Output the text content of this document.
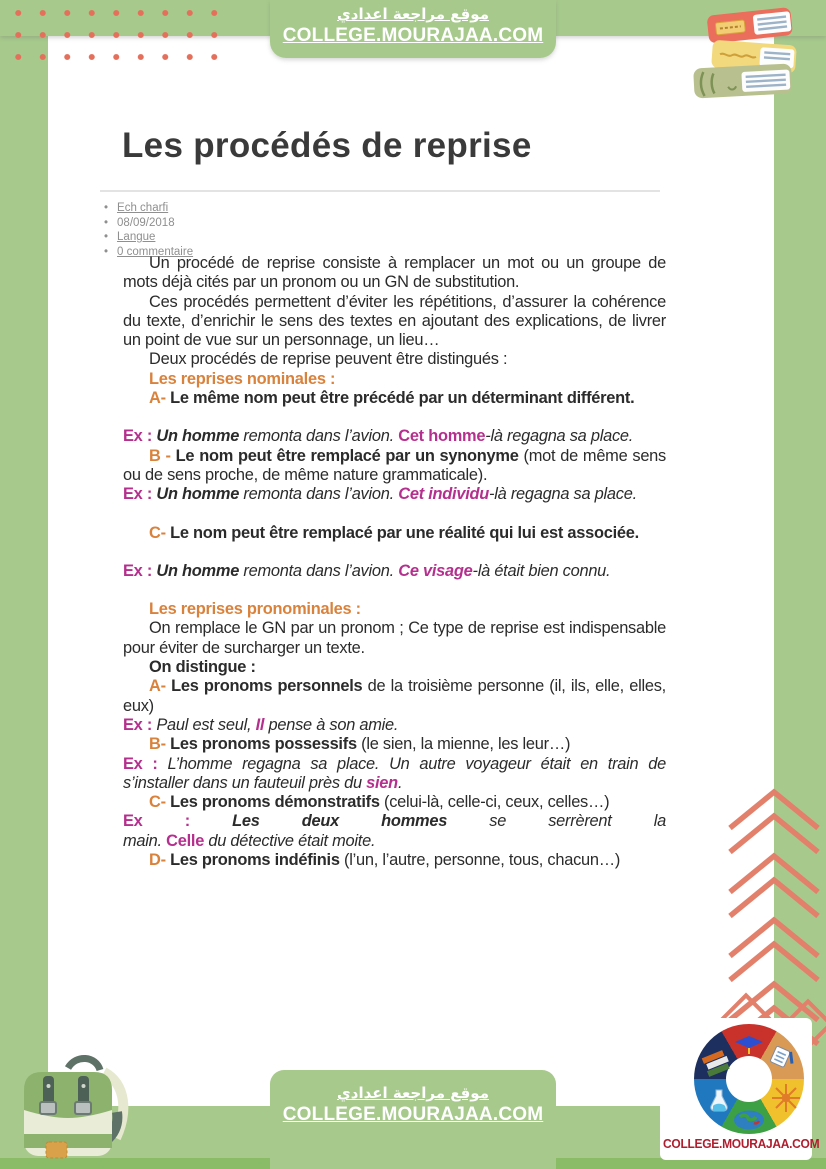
موقع مراجعة اعدادي
COLLEGE.MOURAJAA.COM
Les procédés de reprise
• Ech charfi
• 08/09/2018
• Langue
• 0 commentaire

Un procédé de reprise consiste à remplacer un mot ou un groupe de mots déjà cités par un pronom ou un GN de substitution.

Ces procédés permettent d’éviter les répétitions, d’assurer la cohérence du texte, d’enrichir le sens des textes en ajoutant des explications, de livrer un point de vue sur un personnage, un lieu…

Deux procédés de reprise peuvent être distingués :

Les reprises nominales :

A- Le même nom peut être précédé par un déterminant différent.

Ex : Un homme remonta dans l’avion. Cet homme-là regagna sa place.

B - Le nom peut être remplacé par un synonyme (mot de même sens ou de sens proche, de même nature grammaticale).

Ex : Un homme remonta dans l’avion. Cet individu-là regagna sa place.

C- Le nom peut être remplacé par une réalité qui lui est associée.

Ex : Un homme remonta dans l’avion. Ce visage-là était bien connu.

Les reprises pronominales :

On remplace le GN par un pronom ; Ce type de reprise est indispensable pour éviter de surcharger un texte.

On distingue :

A- Les pronoms personnels de la troisième personne (il, ils, elle, elles, eux)

Ex : Paul est seul, Il pense à son amie.

B- Les pronoms possessifs (le sien, la mienne, les leur…)

Ex : L’homme regagna sa place. Un autre voyageur était en train de s’installer dans un fauteuil près du sien.

C- Les pronoms démonstratifs (celui-là, celle-ci, ceux, celles…)

Ex : Les deux hommes se serrèrent la

main. Celle du détective était moite.

D- Les pronoms indéfinis (l’un, l’autre, personne, tous, chacun…)

COLLEGE.MOURAJAA.COM
موقع مراجعة اعدادي
COLLEGE.MOURAJAA.COM
